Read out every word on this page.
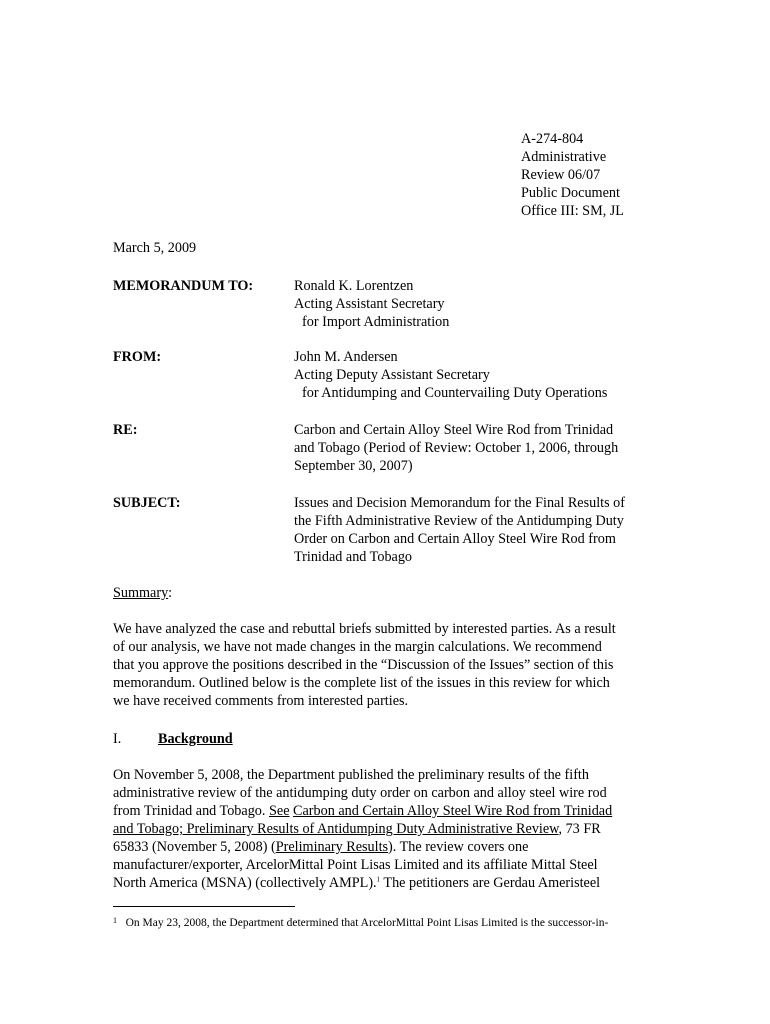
A-274-804
Administrative
Review 06/07
Public Document
Office III: SM, JL
March 5, 2009
MEMORANDUM TO:	Ronald K. Lorentzen
Acting Assistant Secretary
for Import Administration
FROM:	John M. Andersen
Acting Deputy Assistant Secretary
for Antidumping and Countervailing Duty Operations
RE:	Carbon and Certain Alloy Steel Wire Rod from Trinidad
and Tobago (Period of Review: October 1, 2006, through
September 30, 2007)
SUBJECT:	Issues and Decision Memorandum for the Final Results of
the Fifth Administrative Review of the Antidumping Duty
Order on Carbon and Certain Alloy Steel Wire Rod from
Trinidad and Tobago
Summary:
We have analyzed the case and rebuttal briefs submitted by interested parties. As a result
of our analysis, we have not made changes in the margin calculations. We recommend
that you approve the positions described in the “Discussion of the Issues” section of this
memorandum. Outlined below is the complete list of the issues in this review for which
we have received comments from interested parties.
I.	Background
On November 5, 2008, the Department published the preliminary results of the fifth
administrative review of the antidumping duty order on carbon and alloy steel wire rod
from Trinidad and Tobago. See Carbon and Certain Alloy Steel Wire Rod from Trinidad
and Tobago; Preliminary Results of Antidumping Duty Administrative Review, 73 FR
65833 (November 5, 2008) (Preliminary Results). The review covers one
manufacturer/exporter, ArcelorMittal Point Lisas Limited and its affiliate Mittal Steel
North America (MSNA) (collectively AMPL).$^1$ The petitioners are Gerdau Ameristeel
$^1$ On May 23, 2008, the Department determined that ArcelorMittal Point Lisas Limited is the successor-in-
